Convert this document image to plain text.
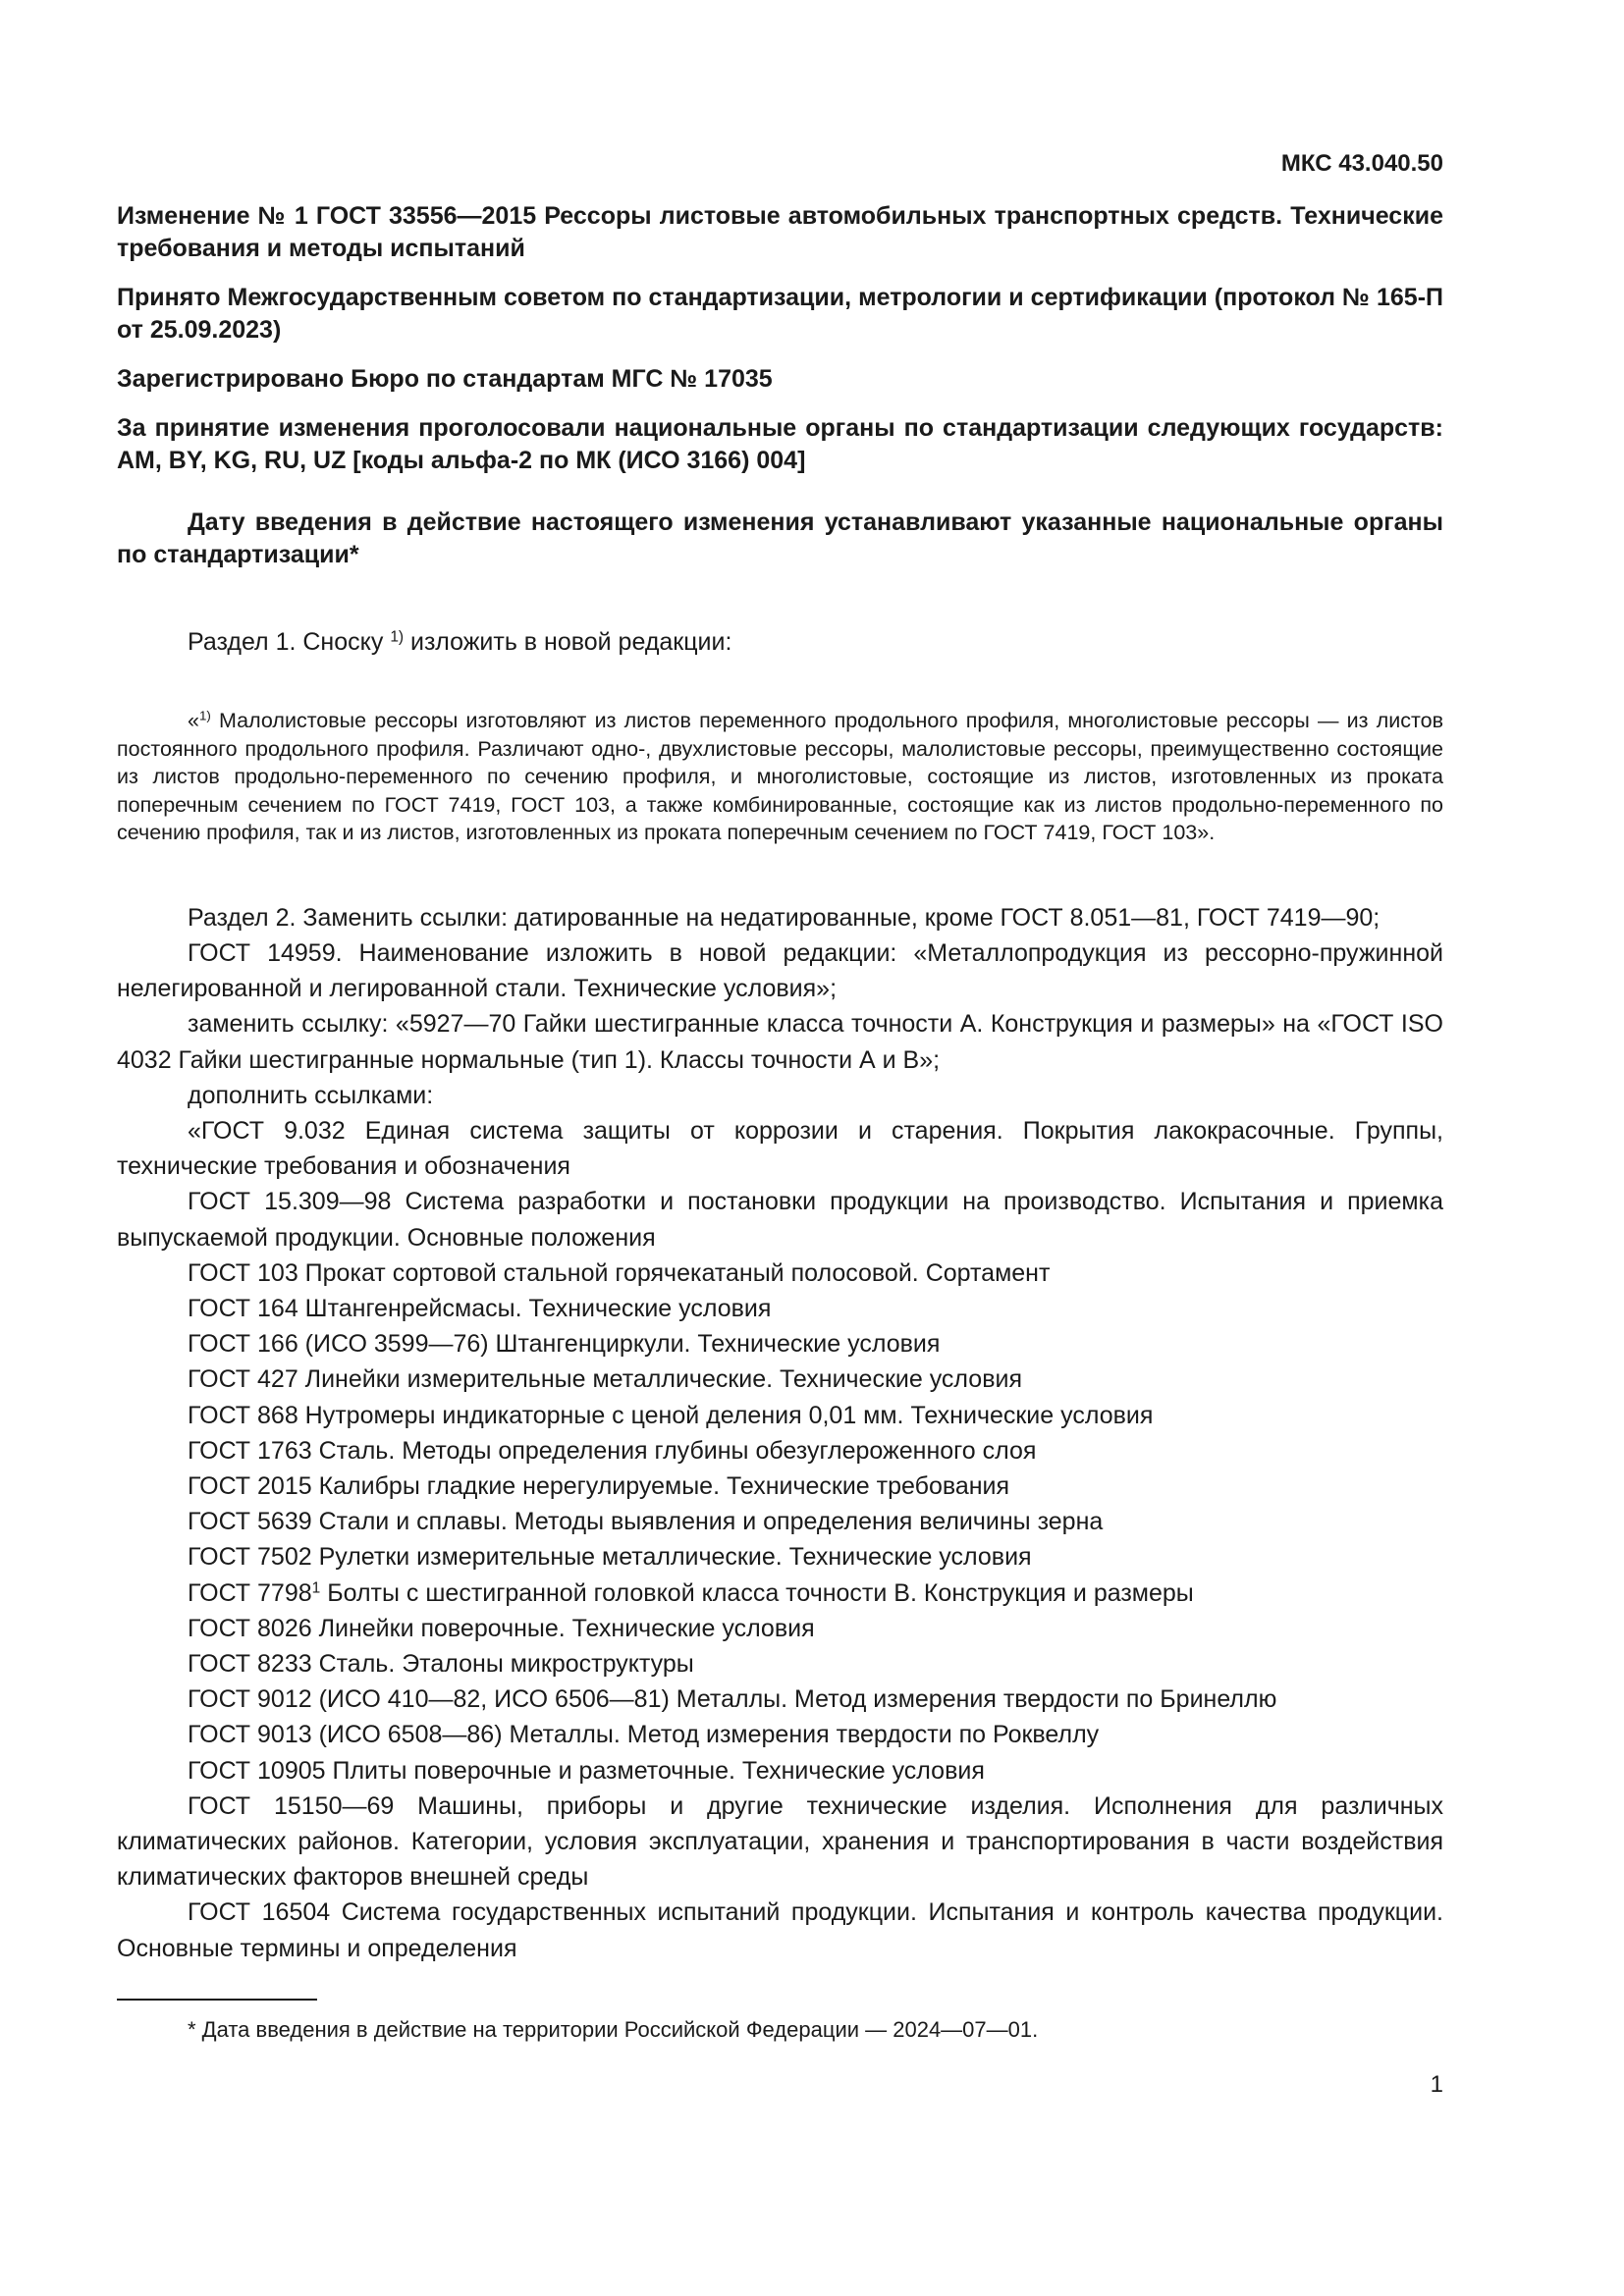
МКС 43.040.50

Изменение № 1 ГОСТ 33556—2015 Рессоры листовые автомобильных транспортных средств. Технические требования и методы испытаний

Принято Межгосударственным советом по стандартизации, метрологии и сертификации (протокол № 165-П от 25.09.2023)

Зарегистрировано Бюро по стандартам МГС № 17035

За принятие изменения проголосовали национальные органы по стандартизации следующих государств: AM, BY, KG, RU, UZ [коды альфа-2 по МК (ИСО 3166) 004]

Дату введения в действие настоящего изменения устанавливают указанные национальные органы по стандартизации*

Раздел 1. Сноску $^{1)}$ изложить в новой редакции:

«$^{1)}$ Малолистовые рессоры изготовляют из листов переменного продольного профиля, многолистовые рессоры — из листов постоянного продольного профиля. Различают одно-, двухлистовые рессоры, малолистовые рессоры, преимущественно состоящие из листов продольно-переменного по сечению профиля, и многолистовые, состоящие из листов, изготовленных из проката поперечным сечением по ГОСТ 7419, ГОСТ 103, а также комбинированные, состоящие как из листов продольно-переменного по сечению профиля, так и из листов, изготовленных из проката поперечным сечением по ГОСТ 7419, ГОСТ 103».

Раздел 2. Заменить ссылки: датированные на недатированные, кроме ГОСТ 8.051—81, ГОСТ 7419—90;

ГОСТ 14959. Наименование изложить в новой редакции: «Металлопродукция из рессорно-пружинной нелегированной и легированной стали. Технические условия»;

заменить ссылку: «5927—70 Гайки шестигранные класса точности А. Конструкция и размеры» на «ГОСТ ISO 4032 Гайки шестигранные нормальные (тип 1). Классы точности А и В»;

дополнить ссылками:

«ГОСТ 9.032 Единая система защиты от коррозии и старения. Покрытия лакокрасочные. Группы, технические требования и обозначения

ГОСТ 15.309—98 Система разработки и постановки продукции на производство. Испытания и приемка выпускаемой продукции. Основные положения

ГОСТ 103 Прокат сортовой стальной горячекатаный полосовой. Сортамент

ГОСТ 164 Штангенрейсмасы. Технические условия

ГОСТ 166 (ИСО 3599—76) Штангенциркули. Технические условия

ГОСТ 427 Линейки измерительные металлические. Технические условия

ГОСТ 868 Нутромеры индикаторные с ценой деления 0,01 мм. Технические условия

ГОСТ 1763 Сталь. Методы определения глубины обезуглероженного слоя

ГОСТ 2015 Калибры гладкие нерегулируемые. Технические требования

ГОСТ 5639 Стали и сплавы. Методы выявления и определения величины зерна

ГОСТ 7502 Рулетки измерительные металлические. Технические условия

ГОСТ 7798$^1$ Болты с шестигранной головкой класса точности В. Конструкция и размеры

ГОСТ 8026 Линейки поверочные. Технические условия

ГОСТ 8233 Сталь. Эталоны микроструктуры

ГОСТ 9012 (ИСО 410—82, ИСО 6506—81) Металлы. Метод измерения твердости по Бринеллю

ГОСТ 9013 (ИСО 6508—86) Металлы. Метод измерения твердости по Роквеллу

ГОСТ 10905 Плиты поверочные и разметочные. Технические условия

ГОСТ 15150—69 Машины, приборы и другие технические изделия. Исполнения для различных климатических районов. Категории, условия эксплуатации, хранения и транспортирования в части воздействия климатических факторов внешней среды

ГОСТ 16504 Система государственных испытаний продукции. Испытания и контроль качества продукции. Основные термины и определения

* Дата введения в действие на территории Российской Федерации — 2024—07—01.
1
